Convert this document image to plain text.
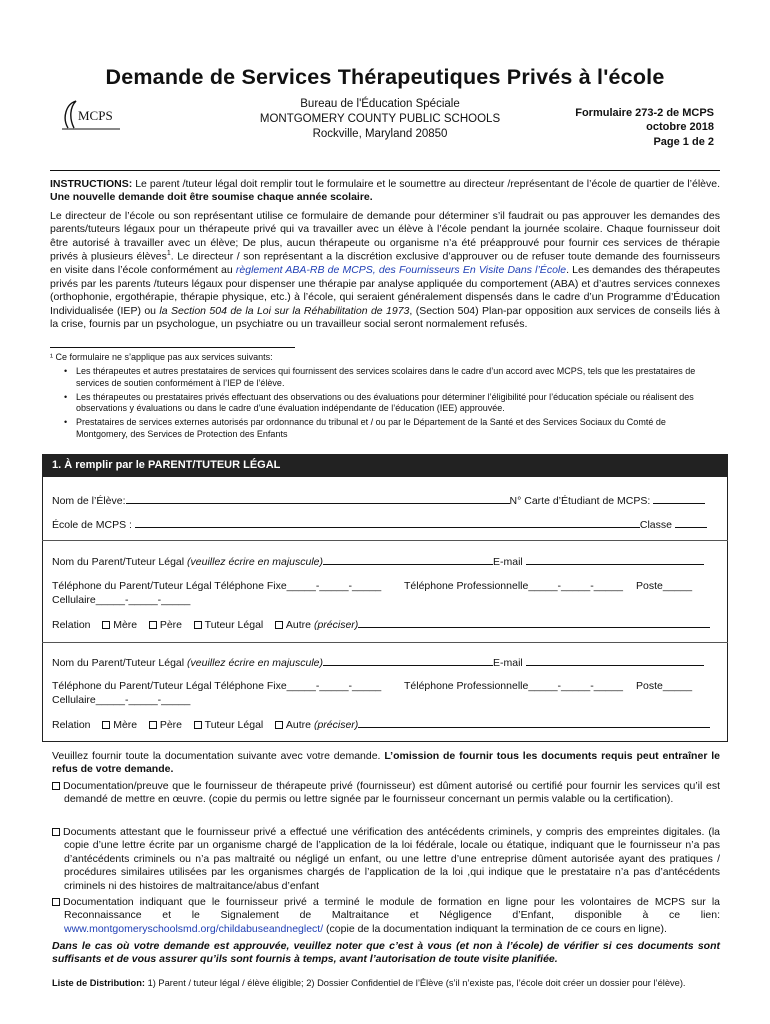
Demande de Services Thérapeutiques Privés à l'école
MCPS
Bureau de l'Éducation Spéciale
MONTGOMERY COUNTY PUBLIC SCHOOLS
Rockville, Maryland 20850
Formulaire 273-2 de MCPS
octobre 2018
Page 1 de 2
INSTRUCTIONS: Le parent /tuteur légal doit remplir tout le formulaire et le soumettre au directeur /représentant de l’école de quartier de l’élève. Une nouvelle demande doit être soumise chaque année scolaire.
Le directeur de l’école ou son représentant utilise ce formulaire de demande pour déterminer s’il faudrait ou pas approuver les demandes des parents/tuteurs légaux pour un thérapeute privé qui va travailler avec un élève à l’école pendant la journée scolaire. Chaque fournisseur doit être autorisé à travailler avec un élève; De plus, aucun thérapeute ou organisme n’a été préapprouvé pour fournir ces services de thérapie privés à plusieurs élèves$^1$. Le directeur / son représentant a la discrétion exclusive d’approuver ou de refuser toute demande des fournisseurs en visite dans l’école conformément au règlement ABA-RB de MCPS, des Fournisseurs En Visite Dans l’École. Les demandes des thérapeutes privés par les parents /tuteurs légaux pour dispenser une thérapie par analyse appliquée du comportement (ABA) et d’autres services connexes (orthophonie, ergothérapie, thérapie physique, etc.) à l’école, qui seraient généralement dispensés dans le cadre d’un Programme d’Éducation Individualisée (IEP) ou la Section 504 de la Loi sur la Réhabilitation de 1973, (Section 504) Plan-par opposition aux services de conseils liés à la crise, fournis par un psychologue, un psychiatre ou un travailleur social seront normalement refusés.
¹ Ce formulaire ne s’applique pas aux services suivants:
• Les thérapeutes et autres prestataires de services qui fournissent des services scolaires dans le cadre d’un accord avec MCPS, tels que les prestataires de services de soutien conformément à l’IEP de l’élève.
• Les thérapeutes ou prestataires privés effectuant des observations ou des évaluations pour déterminer l’éligibilité pour l’éducation spéciale ou réalisent des observations y évaluations ou dans le cadre d’une évaluation indépendante de l’éducation (IEE) approuvée.
• Prestataires de services externes autorisés par ordonnance du tribunal et / ou par le Département de la Santé et des Services Sociaux du Comté de Montgomery, des Services de Protection des Enfants
1. À remplir par le PARENT/TUTEUR LÉGAL
Nom de l’Élève:	N° Carte d’Étudiant de MCPS:
École de MCPS :	Classe
Nom du Parent/Tuteur Légal (veuillez écrire en majuscule)	E-mail
Téléphone du Parent/Tuteur Légal Téléphone Fixe_____-_____-_____ Téléphone Professionnelle_____-_____-_____ Poste_____
Cellulaire_____-_____-_____
Relation Mère Père Tuteur Légal Autre (préciser)
Nom du Parent/Tuteur Légal (veuillez écrire en majuscule)	E-mail
Téléphone du Parent/Tuteur Légal Téléphone Fixe_____-_____-_____ Téléphone Professionnelle_____-_____-_____ Poste_____
Cellulaire_____-_____-_____
Relation Mère Père Tuteur Légal Autre (préciser)
Veuillez fournir toute la documentation suivante avec votre demande. L’omission de fournir tous les documents requis peut entraîner le refus de votre demande.
Documentation/preuve que le fournisseur de thérapeute privé (fournisseur) est dûment autorisé ou certifié pour fournir les services qu’il est demandé de mettre en œuvre. (copie du permis ou lettre signée par le fournisseur concernant un permis valable ou la certification).
Documents attestant que le fournisseur privé a effectué une vérification des antécédents criminels, y compris des empreintes digitales. (la copie d’une lettre écrite par un organisme chargé de l’application de la loi fédérale, locale ou étatique, indiquant que le fournisseur n’a pas d’antécédents criminels ou n’a pas maltraité ou négligé un enfant, ou une lettre d’une entreprise dûment autorisée ayant des pratiques / procédures similaires utilisées par les organismes chargés de l’application de la loi ,qui indique que le prestataire n’a pas d’antécédents criminels ni des histoires de maltraitance/abus d’enfant
Documentation indiquant que le fournisseur privé a terminé le module de formation en ligne pour les volontaires de MCPS sur la Reconnaissance et le Signalement de Maltraitance et Négligence d’Enfant, disponible à ce lien: www.montgomeryschoolsmd.org/childabuseandneglect/ (copie de la documentation indiquant la termination de ce cours en ligne).
Dans le cas où votre demande est approuvée, veuillez noter que c’est à vous (et non à l’école) de vérifier si ces documents sont suffisants et de vous assurer qu’ils sont fournis à temps, avant l’autorisation de toute visite planifiée.
Liste de Distribution: 1) Parent / tuteur légal / élève éligible; 2) Dossier Confidentiel de l’Élève (s’il n’existe pas, l’école doit créer un dossier pour l’élève).
